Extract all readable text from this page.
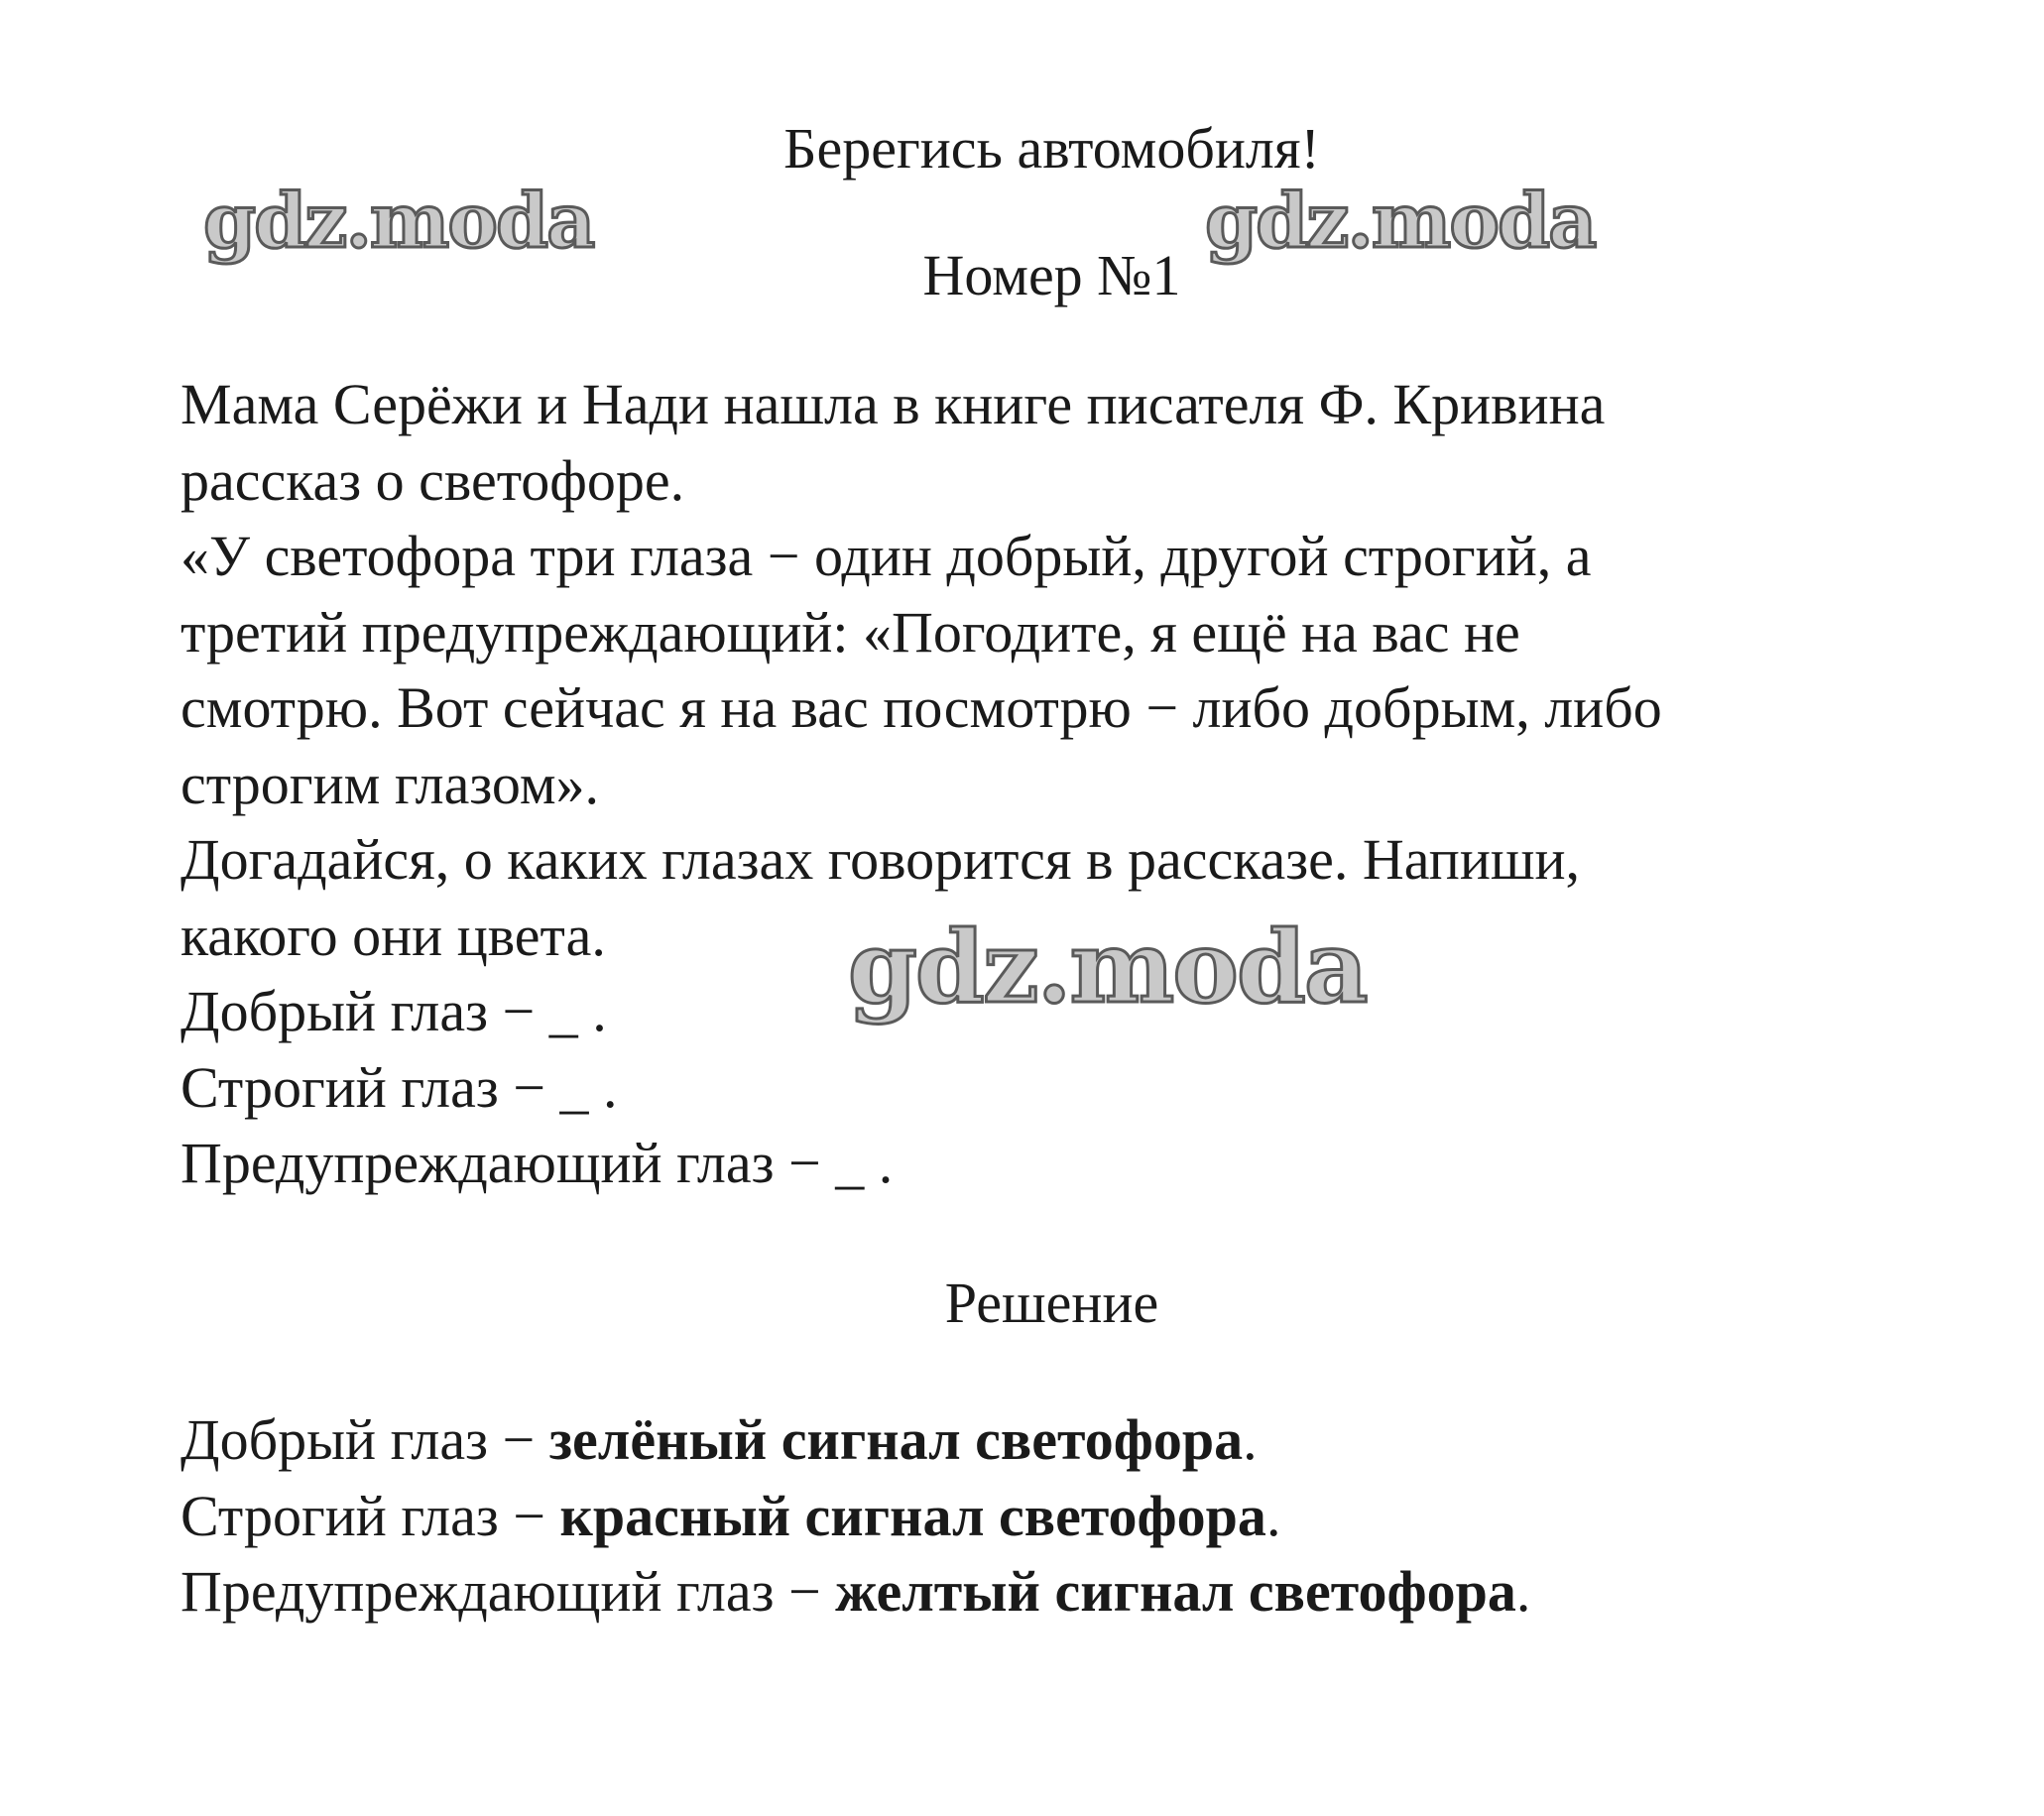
Берегись автомобиля!
Номер №1
Мама Серёжи и Нади нашла в книге писателя Ф. Кривина
рассказ о светофоре.
«У светофора три глаза − один добрый, другой строгий, а
третий предупреждающий: «Погодите, я ещё на вас не
смотрю. Вот сейчас я на вас посмотрю − либо добрым, либо
строгим глазом».
Догадайся, о каких глазах говорится в рассказе. Напиши,
какого они цвета.
Добрый глаз − _ .
Строгий глаз − _ .
Предупреждающий глаз − _ .
Решение
Добрый глаз − зелёный сигнал светофора.
Строгий глаз − красный сигнал светофора.
Предупреждающий глаз − желтый сигнал светофора.
gdz.moda	gdz.moda
gdz.moda
